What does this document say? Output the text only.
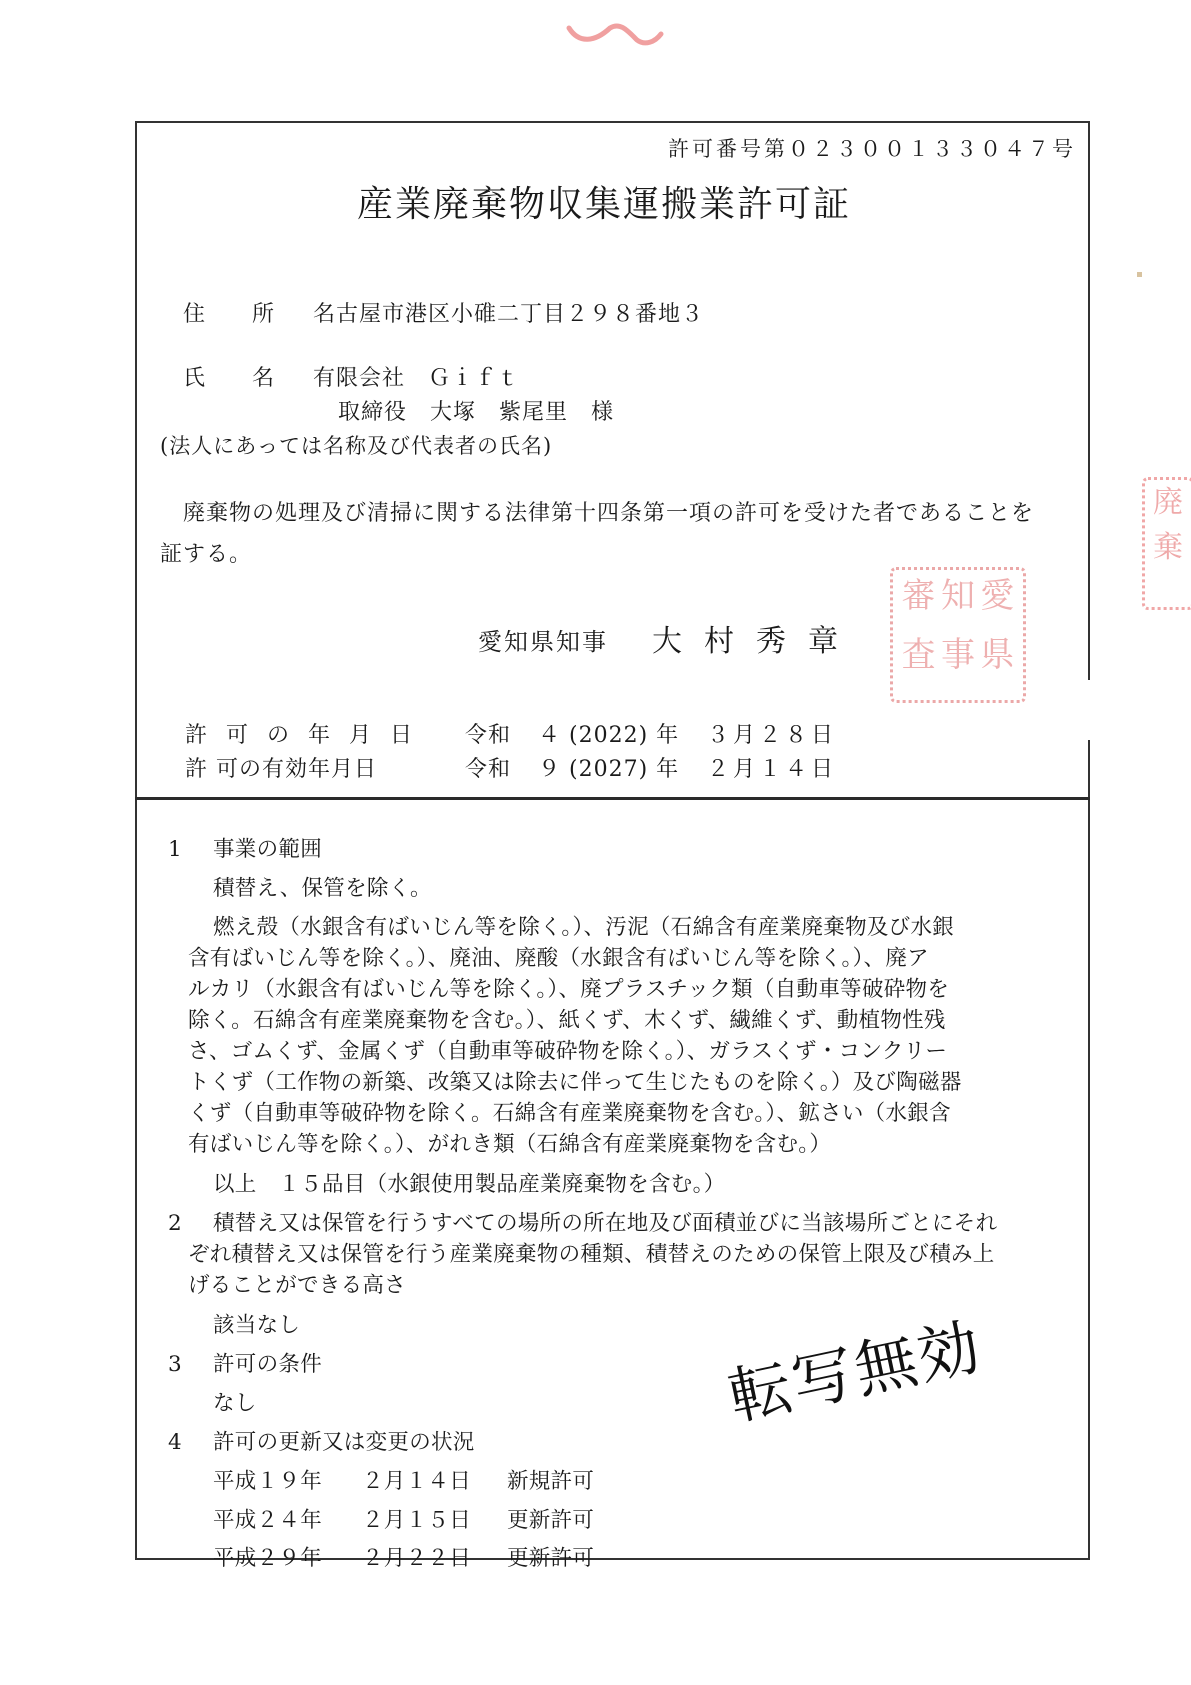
廃
棄
許可番号第０２３００１３３０４７号
産業廃棄物収集運搬業許可証
住　　所 名古屋市港区小碓二丁目２９８番地３
氏　　名 有限会社　Ｇｉｆｔ
取締役　大塚　紫尾里　様
(法人にあっては名称及び代表者の氏名)
廃棄物の処理及び清掃に関する法律第十四条第一項の許可を受けた者であることを
証する。
審 知 愛
査 事 県
愛知県知事 大村秀章
許 可 の 年 月 日 令和 ４ (2022) 年 ３月２８日
許 可の有効年月日	令和 ９ (2027) 年 ２月１４日
1 事業の範囲
積替え、保管を除く。
燃え殻（水銀含有ばいじん等を除く。）、汚泥（石綿含有産業廃棄物及び水銀
含有ばいじん等を除く。）、廃油、廃酸（水銀含有ばいじん等を除く。）、廃ア
ルカリ（水銀含有ばいじん等を除く。）、廃プラスチック類（自動車等破砕物を
除く。石綿含有産業廃棄物を含む。）、紙くず、木くず、繊維くず、動植物性残
さ、ゴムくず、金属くず（自動車等破砕物を除く。）、ガラスくず・コンクリー
トくず（工作物の新築、改築又は除去に伴って生じたものを除く。）及び陶磁器
くず（自動車等破砕物を除く。石綿含有産業廃棄物を含む。）、鉱さい（水銀含
有ばいじん等を除く。）、がれき類（石綿含有産業廃棄物を含む。）
以上　１５品目（水銀使用製品産業廃棄物を含む。）
2 積替え又は保管を行うすべての場所の所在地及び面積並びに当該場所ごとにそれ
ぞれ積替え又は保管を行う産業廃棄物の種類、積替えのための保管上限及び積み上
げることができる高さ
該当なし
3 許可の条件
なし
4 許可の更新又は変更の状況
平成１９年 ２月１４日 新規許可
平成２４年 ２月１５日 更新許可
平成２９年 ２月２２日 更新許可
転写無効
